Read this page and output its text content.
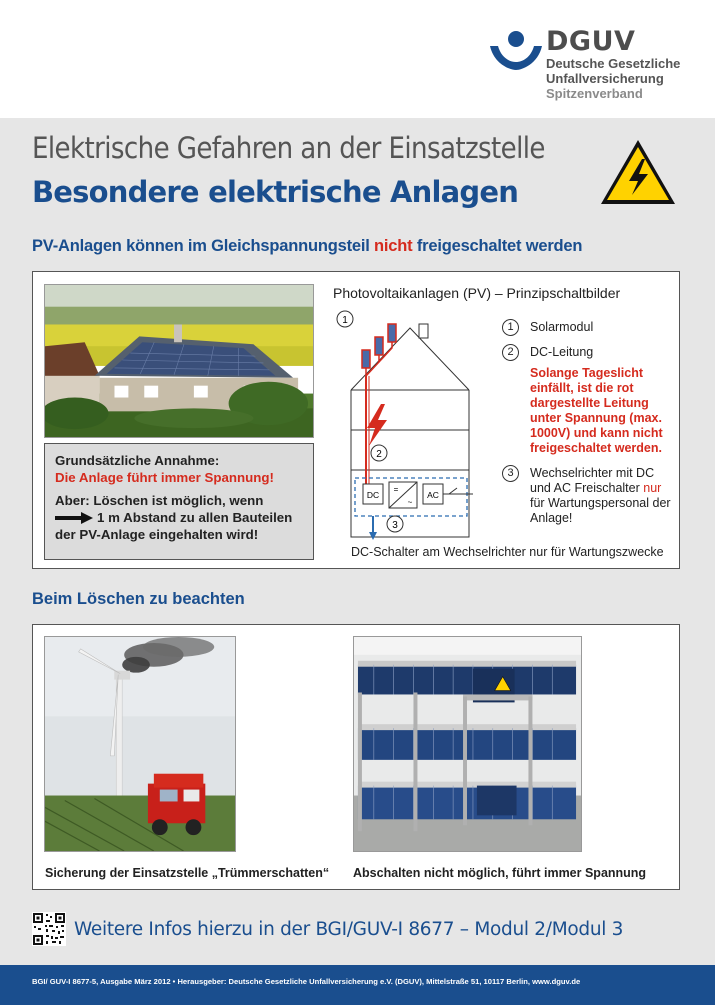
DGUV
Deutsche Gesetzliche
Unfallversicherung
Spitzenverband
Elektrische Gefahren an der Einsatzstelle
Besondere elektrische Anlagen
PV-Anlagen können im Gleichspannungsteil nicht freigeschaltet werden
Grundsätzliche Annahme:
Die Anlage führt immer Spannung!
Aber: Löschen ist möglich, wenn
1 m Abstand zu allen Bauteilen
der PV-Anlage eingehalten wird!
Photovoltaikanlagen (PV) – Prinzipschaltbilder
1
2
DC
=
~
AC
3
1	Solarmodul
2	DC-Leitung
Solange Tageslicht einfällt, ist die rot dargestellte Leitung unter Spannung (max. 1000V) und kann nicht freigeschaltet werden.
3	Wechselrichter mit DC und AC Freischalter nur für Wartungspersonal der Anlage!
DC-Schalter am Wechselrichter nur für Wartungszwecke
Beim Löschen zu beachten
Sicherung der Einsatzstelle „Trümmerschatten“ Abschalten nicht möglich, führt immer Spannung
Weitere Infos hierzu in der BGI/GUV-I 8677 – Modul 2/Modul 3
BGI/ GUV-I 8677-5, Ausgabe März 2012 • Herausgeber: Deutsche Gesetzliche Unfallversicherung e.V. (DGUV), Mittelstraße 51, 10117 Berlin, www.dguv.de
